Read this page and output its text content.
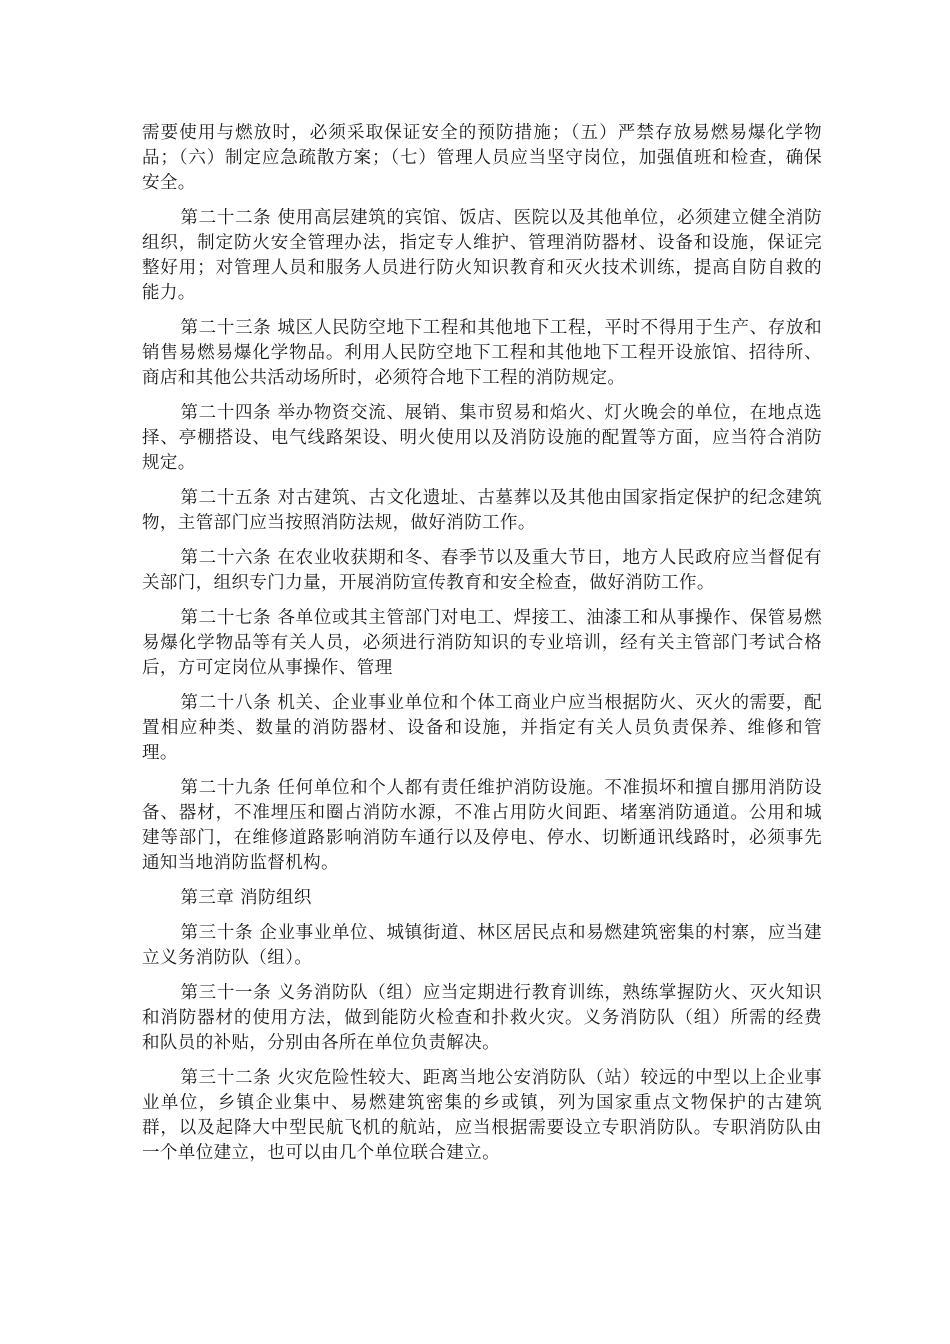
需要使用与燃放时，必须采取保证安全的预防措施；（五）严禁存放易燃易爆化学物品；（六）制定应急疏散方案；（七）管理人员应当坚守岗位，加强值班和检查，确保安全。

第二十二条 使用高层建筑的宾馆、饭店、医院以及其他单位，必须建立健全消防组织，制定防火安全管理办法，指定专人维护、管理消防器材、设备和设施，保证完整好用；对管理人员和服务人员进行防火知识教育和灭火技术训练，提高自防自救的能力。

第二十三条 城区人民防空地下工程和其他地下工程，平时不得用于生产、存放和销售易燃易爆化学物品。利用人民防空地下工程和其他地下工程开设旅馆、招待所、商店和其他公共活动场所时，必须符合地下工程的消防规定。

第二十四条 举办物资交流、展销、集市贸易和焰火、灯火晚会的单位，在地点选择、亭棚搭设、电气线路架设、明火使用以及消防设施的配置等方面，应当符合消防规定。

第二十五条 对古建筑、古文化遗址、古墓葬以及其他由国家指定保护的纪念建筑物，主管部门应当按照消防法规，做好消防工作。

第二十六条 在农业收获期和冬、春季节以及重大节日，地方人民政府应当督促有关部门，组织专门力量，开展消防宣传教育和安全检查，做好消防工作。

第二十七条 各单位或其主管部门对电工、焊接工、油漆工和从事操作、保管易燃易爆化学物品等有关人员，必须进行消防知识的专业培训，经有关主管部门考试合格后，方可定岗位从事操作、管理

第二十八条 机关、企业事业单位和个体工商业户应当根据防火、灭火的需要，配置相应种类、数量的消防器材、设备和设施，并指定有关人员负责保养、维修和管理。

第二十九条 任何单位和个人都有责任维护消防设施。不准损坏和擅自挪用消防设备、器材，不准埋压和圈占消防水源，不准占用防火间距、堵塞消防通道。公用和城建等部门，在维修道路影响消防车通行以及停电、停水、切断通讯线路时，必须事先通知当地消防监督机构。

第三章 消防组织

第三十条 企业事业单位、城镇街道、林区居民点和易燃建筑密集的村寨，应当建立义务消防队（组）。

第三十一条 义务消防队（组）应当定期进行教育训练，熟练掌握防火、灭火知识和消防器材的使用方法，做到能防火检查和扑救火灾。义务消防队（组）所需的经费和队员的补贴，分别由各所在单位负责解决。

第三十二条 火灾危险性较大、距离当地公安消防队（站）较远的中型以上企业事业单位，乡镇企业集中、易燃建筑密集的乡或镇，列为国家重点文物保护的古建筑群，以及起降大中型民航飞机的航站，应当根据需要设立专职消防队。专职消防队由一个单位建立，也可以由几个单位联合建立。
